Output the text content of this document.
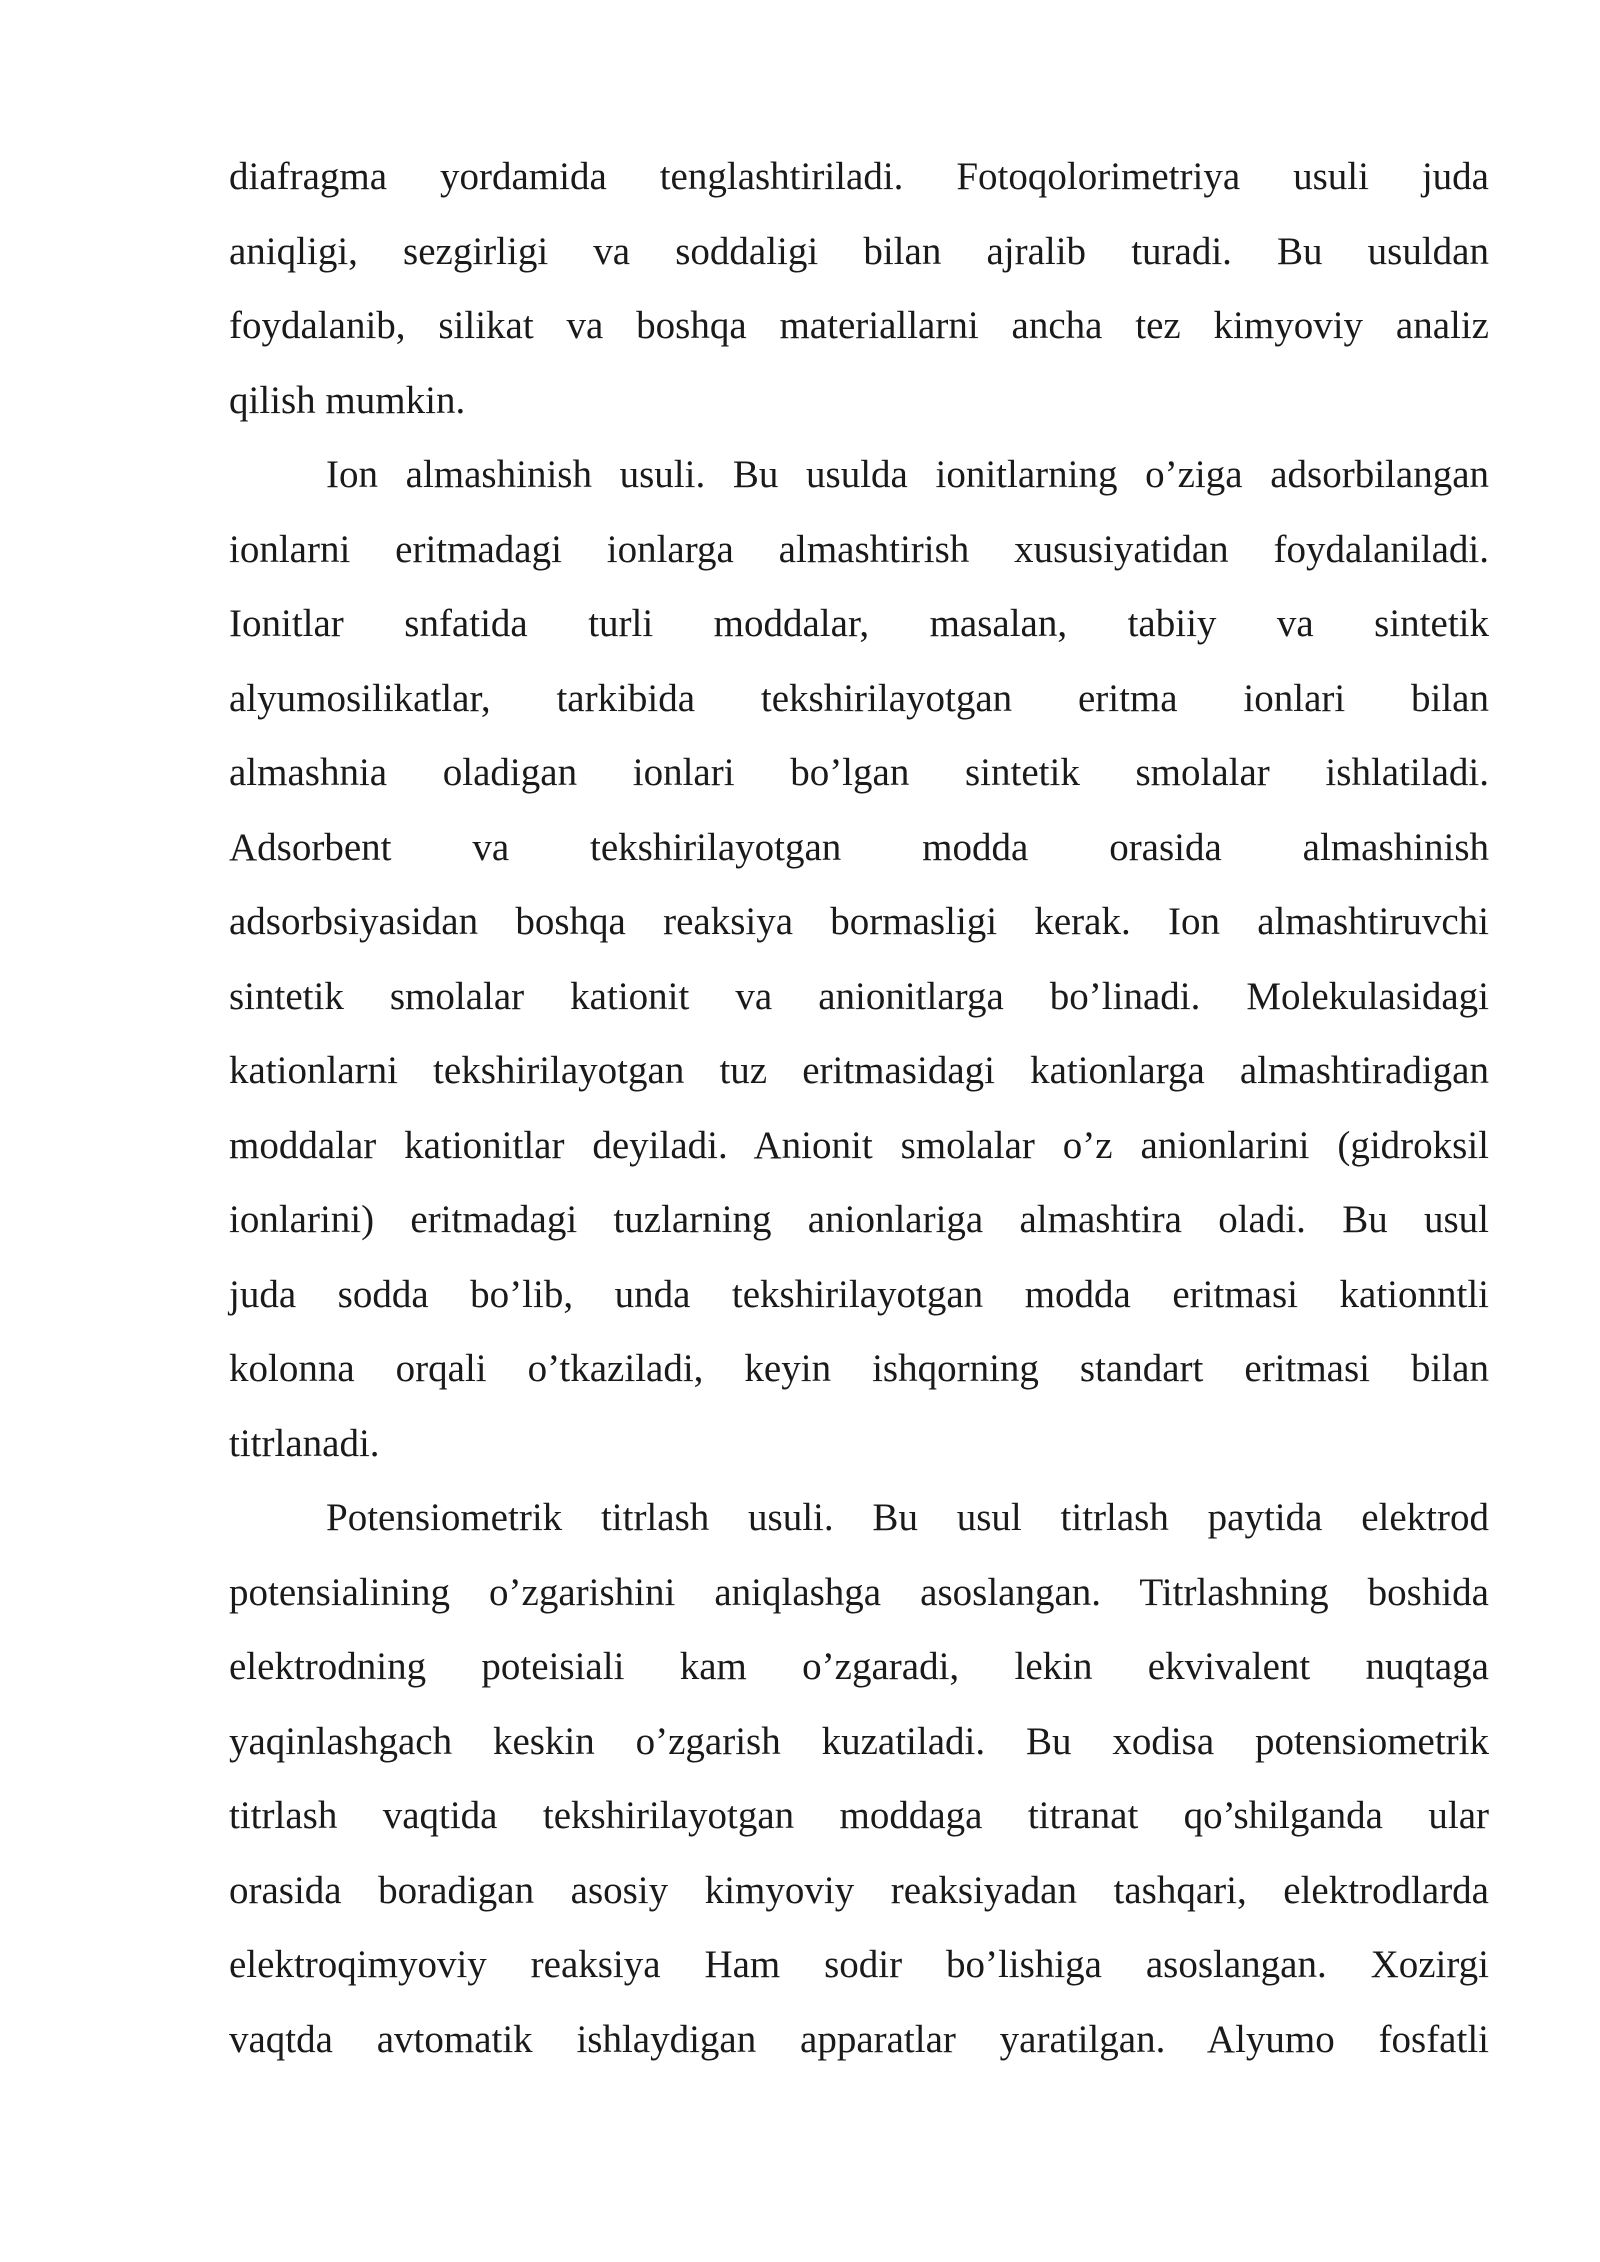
diafragma yordamida tenglashtiriladi. Fotoqolorimetriya usuli juda
aniqligi, sezgirligi va soddaligi bilan ajralib turadi. Bu usuldan
foydalanib, silikat va boshqa materiallarni ancha tez kimyoviy analiz
qilish mumkin.
Ion almashinish usuli. Bu usulda ionitlarning o’ziga adsorbilangan
ionlarni eritmadagi ionlarga almashtirish xususiyatidan foydalaniladi.
Ionitlar snfatida turli moddalar, masalan, tabiiy va sintetik
alyumosilikatlar, tarkibida tekshirilayotgan eritma ionlari bilan
almashnia oladigan ionlari bo’lgan sintetik smolalar ishlatiladi.
Adsorbent va tekshirilayotgan modda orasida almashinish
adsorbsiyasidan boshqa reaksiya bormasligi kerak. Ion almashtiruvchi
sintetik smolalar kationit va anionitlarga bo’linadi. Molekulasidagi
kationlarni tekshirilayotgan tuz eritmasidagi kationlarga almashtiradigan
moddalar kationitlar deyiladi. Anionit smolalar o’z anionlarini (gidroksil
ionlarini) eritmadagi tuzlarning anionlariga almashtira oladi. Bu usul
juda sodda bo’lib, unda tekshirilayotgan modda eritmasi kationntli
kolonna orqali o’tkaziladi, keyin ishqorning standart eritmasi bilan
titrlanadi.
Potensiometrik titrlash usuli. Bu usul titrlash paytida elektrod
potensialining o’zgarishini aniqlashga asoslangan. Titrlashning boshida
elektrodning poteisiali kam o’zgaradi, lekin ekvivalent nuqtaga
yaqinlashgach keskin o’zgarish kuzatiladi. Bu xodisa potensiometrik
titrlash vaqtida tekshirilayotgan moddaga titranat qo’shilganda ular
orasida boradigan asosiy kimyoviy reaksiyadan tashqari, elektrodlarda
elektroqimyoviy reaksiya Ham sodir bo’lishiga asoslangan. Xozirgi
vaqtda avtomatik ishlaydigan apparatlar yaratilgan. Alyumo fosfatli
